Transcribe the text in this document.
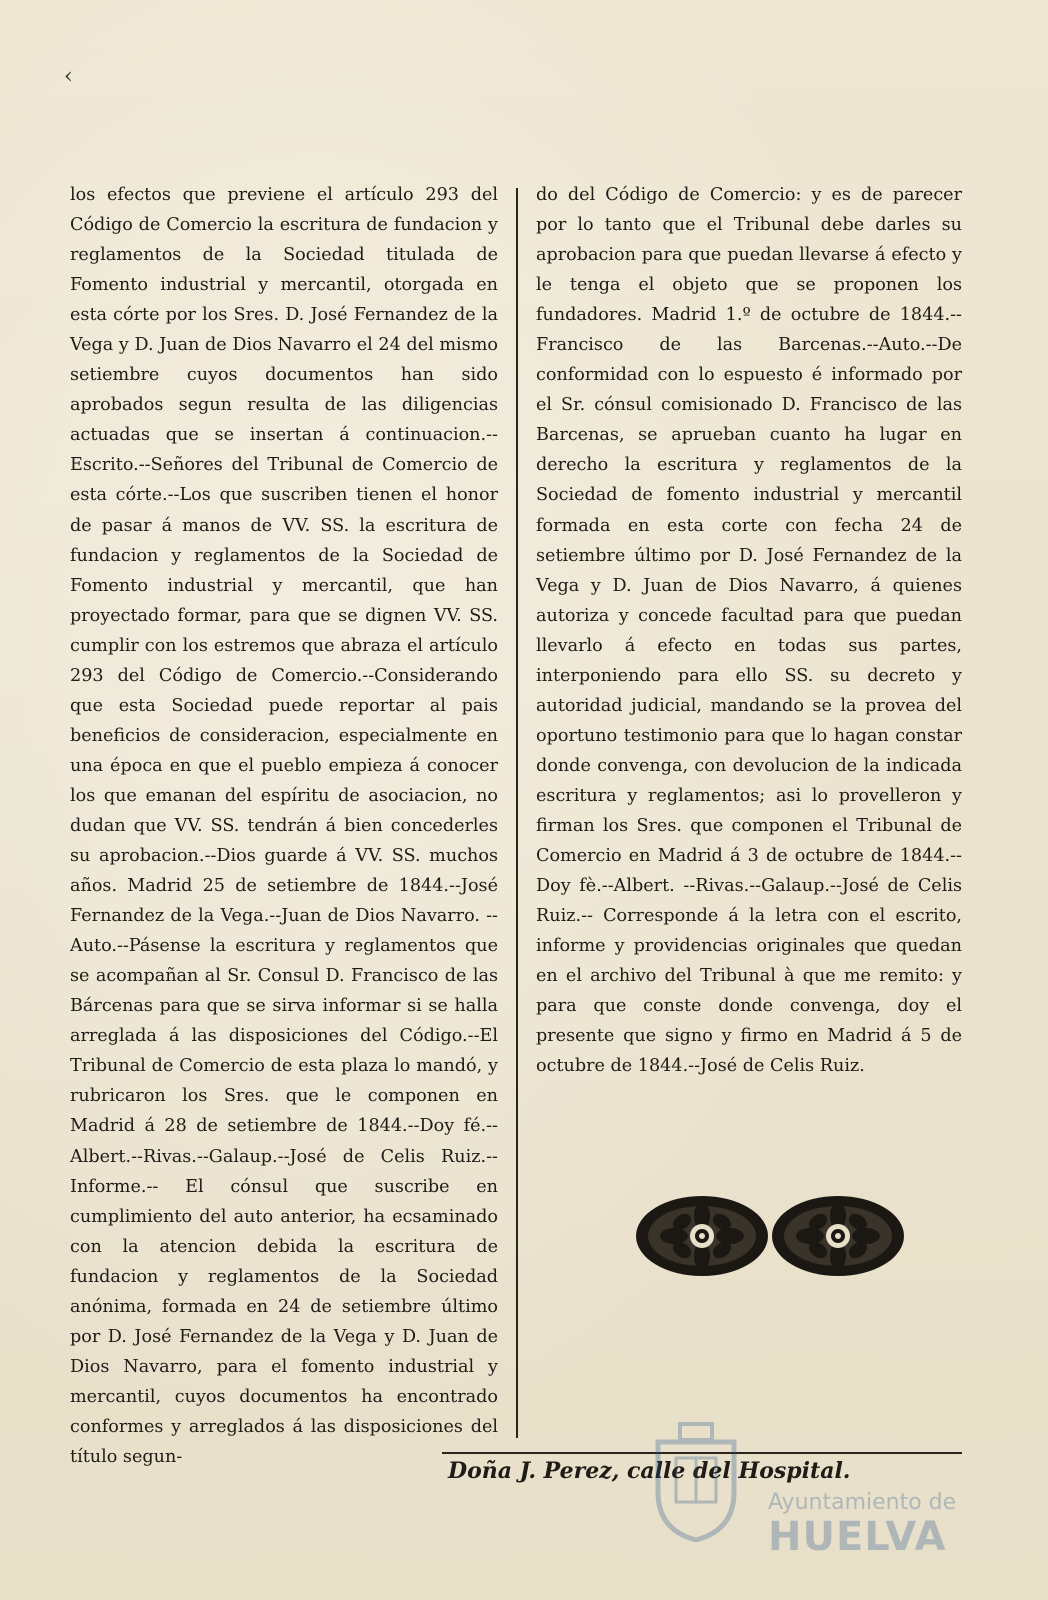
‹

los efectos que previene el artículo 293 del Código de Comercio la escritura de fundacion y reglamentos de la Sociedad titulada de Fomento industrial y mercantil, otorgada en esta córte por los Sres. D. José Fernandez de la Vega y D. Juan de Dios Navarro el 24 del mismo setiembre cuyos documentos han sido aprobados segun resulta de las diligencias actuadas que se insertan á continuacion.--Escrito.--Señores del Tribunal de Comercio de esta córte.--Los que suscriben tienen el honor de pasar á manos de VV. SS. la escritura de fundacion y reglamentos de la Sociedad de Fomento industrial y mercantil, que han proyectado formar, para que se dignen VV. SS. cumplir con los estremos que abraza el artículo 293 del Código de Comercio.--Considerando que esta Sociedad puede reportar al pais beneficios de consideracion, especialmente en una época en que el pueblo empieza á conocer los que emanan del espíritu de asociacion, no dudan que VV. SS. tendrán á bien concederles su aprobacion.--Dios guarde á VV. SS. muchos años. Madrid 25 de setiembre de 1844.--José Fernandez de la Vega.--Juan de Dios Navarro. --Auto.--Pásense la escritura y reglamentos que se acompañan al Sr. Consul D. Francisco de las Bárcenas para que se sirva informar si se halla arreglada á las disposiciones del Código.--El Tribunal de Comercio de esta plaza lo mandó, y rubricaron los Sres. que le componen en Madrid á 28 de setiembre de 1844.--Doy fé.--Albert.--Rivas.--Galaup.--José de Celis Ruiz.--Informe.-- El cónsul que suscribe en cumplimiento del auto anterior, ha ecsaminado con la atencion debida la escritura de fundacion y reglamentos de la Sociedad anónima, formada en 24 de setiembre último por D. José Fernandez de la Vega y D. Juan de Dios Navarro, para el fomento industrial y mercantil, cuyos documentos ha encontrado conformes y arreglados á las disposiciones del título segun-

do del Código de Comercio: y es de parecer por lo tanto que el Tribunal debe darles su aprobacion para que puedan llevarse á efecto y le tenga el objeto que se proponen los fundadores. Madrid 1.º de octubre de 1844.-- Francisco de las Barcenas.--Auto.--De conformidad con lo espuesto é informado por el Sr. cónsul comisionado D. Francisco de las Barcenas, se aprueban cuanto ha lugar en derecho la escritura y reglamentos de la Sociedad de fomento industrial y mercantil formada en esta corte con fecha 24 de setiembre último por D. José Fernandez de la Vega y D. Juan de Dios Navarro, á quienes autoriza y concede facultad para que puedan llevarlo á efecto en todas sus partes, interponiendo para ello SS. su decreto y autoridad judicial, mandando se la provea del oportuno testimonio para que lo hagan constar donde convenga, con devolucion de la indicada escritura y reglamentos; asi lo provelleron y firman los Sres. que componen el Tribunal de Comercio en Madrid á 3 de octubre de 1844.--Doy fè.--Albert. --Rivas.--Galaup.--José de Celis Ruiz.-- Corresponde á la letra con el escrito, informe y providencias originales que quedan en el archivo del Tribunal à que me remito: y para que conste donde convenga, doy el presente que signo y firmo en Madrid á 5 de octubre de 1844.--José de Celis Ruiz.

Doña J. Perez, calle del Hospital.
Ayuntamiento de
HUELVA
